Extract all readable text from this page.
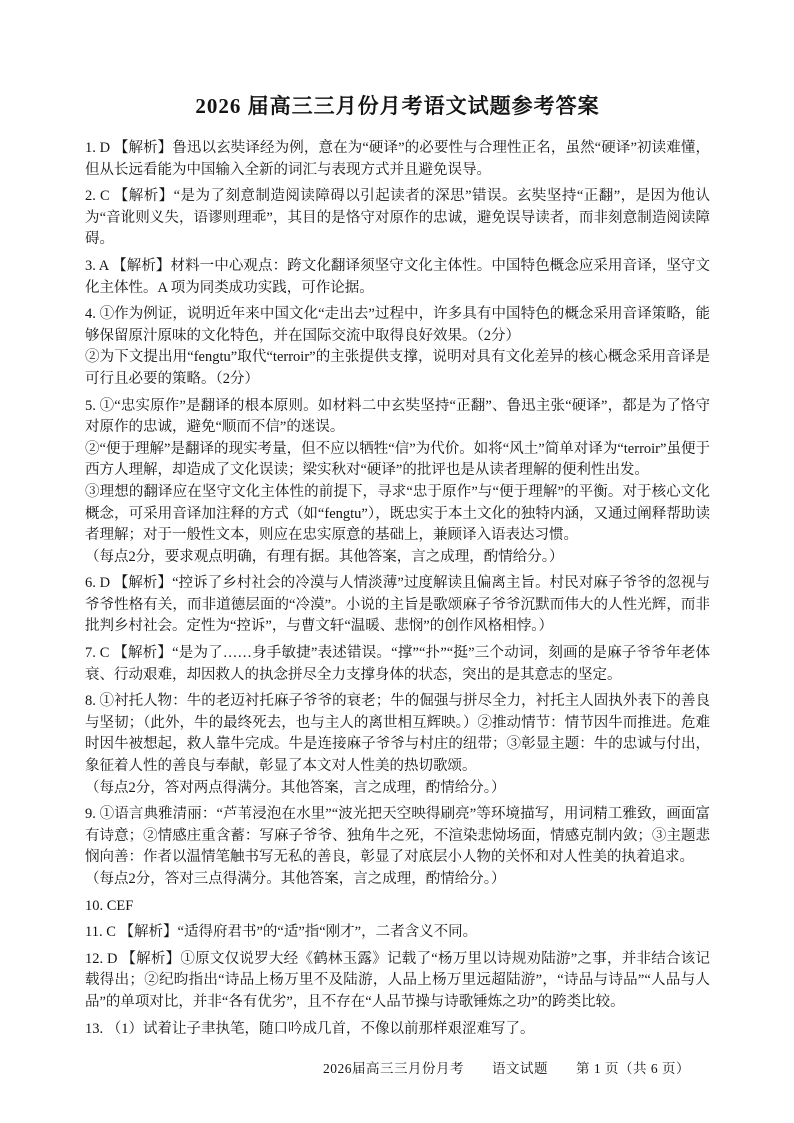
2026 届高三三月份月考语文试题参考答案

1. D 【解析】鲁迅以玄奘译经为例，意在为“硬译”的必要性与合理性正名，虽然“硬译”初读难懂，但从长远看能为中国输入全新的词汇与表现方式并且避免误导。

2. C 【解析】“是为了刻意制造阅读障碍以引起读者的深思”错误。玄奘坚持“正翻”，是因为他认为“音讹则义失，语谬则理乖”，其目的是恪守对原作的忠诚，避免误导读者，而非刻意制造阅读障碍。

3. A 【解析】材料一中心观点：跨文化翻译须坚守文化主体性。中国特色概念应采用音译，坚守文化主体性。A 项为同类成功实践，可作论据。

4. ①作为例证，说明近年来中国文化“走出去”过程中，许多具有中国特色的概念采用音译策略，能够保留原汁原味的文化特色，并在国际交流中取得良好效果。（2分）

②为下文提出用“fengtu”取代“terroir”的主张提供支撑，说明对具有文化差异的核心概念采用音译是可行且必要的策略。（2分）

5. ①“忠实原作”是翻译的根本原则。如材料二中玄奘坚持“正翻”、鲁迅主张“硬译”，都是为了恪守对原作的忠诚，避免“顺而不信”的迷误。

②“便于理解”是翻译的现实考量，但不应以牺牲“信”为代价。如将“风土”简单对译为“terroir”虽便于西方人理解，却造成了文化误读；梁实秋对“硬译”的批评也是从读者理解的便利性出发。

③理想的翻译应在坚守文化主体性的前提下，寻求“忠于原作”与“便于理解”的平衡。对于核心文化概念，可采用音译加注释的方式（如“fengtu”），既忠实于本土文化的独特内涵，又通过阐释帮助读者理解；对于一般性文本，则应在忠实原意的基础上，兼顾译入语表达习惯。

（每点2分，要求观点明确，有理有据。其他答案，言之成理，酌情给分。）

6. D 【解析】“控诉了乡村社会的冷漠与人情淡薄”过度解读且偏离主旨。村民对麻子爷爷的忽视与爷爷性格有关，而非道德层面的“冷漠”。小说的主旨是歌颂麻子爷爷沉默而伟大的人性光辉，而非批判乡村社会。定性为“控诉”，与曹文轩“温暖、悲悯”的创作风格相悖。）

7. C 【解析】“是为了……身手敏捷”表述错误。“撑”“扑”“挺”三个动词，刻画的是麻子爷爷年老体衰、行动艰难，却因救人的执念拼尽全力支撑身体的状态，突出的是其意志的坚定。

8. ①衬托人物：牛的老迈衬托麻子爷爷的衰老；牛的倔强与拼尽全力，衬托主人固执外表下的善良与坚韧；（此外，牛的最终死去，也与主人的离世相互辉映。）②推动情节：情节因牛而推进。危难时因牛被想起，救人靠牛完成。牛是连接麻子爷爷与村庄的纽带；③彰显主题：牛的忠诚与付出，象征着人性的善良与奉献，彰显了本文对人性美的热切歌颂。

（每点2分，答对两点得满分。其他答案，言之成理，酌情给分。）

9. ①语言典雅清丽：“芦苇浸泡在水里”“波光把天空映得刷亮”等环境描写，用词精工雅致，画面富有诗意；②情感庄重含蓄：写麻子爷爷、独角牛之死，不渲染悲恸场面，情感克制内敛；③主题悲悯向善：作者以温情笔触书写无私的善良，彰显了对底层小人物的关怀和对人性美的执着追求。

（每点2分，答对三点得满分。其他答案，言之成理，酌情给分。）

10. CEF

11. C 【解析】“适得府君书”的“适”指“刚才”，二者含义不同。

12. D 【解析】①原文仅说罗大经《鹤林玉露》记载了“杨万里以诗规劝陆游”之事，并非结合该记载得出；②纪昀指出“诗品上杨万里不及陆游，人品上杨万里远超陆游”，“诗品与诗品”“人品与人品”的单项对比，并非“各有优劣”，且不存在“人品节操与诗歌锤炼之功”的跨类比较。

13. （1）试着让子聿执笔，随口吟成几首，不像以前那样艰涩难写了。

2026届高三三月份月考　　语文试题　　第 1 页（共 6 页）
